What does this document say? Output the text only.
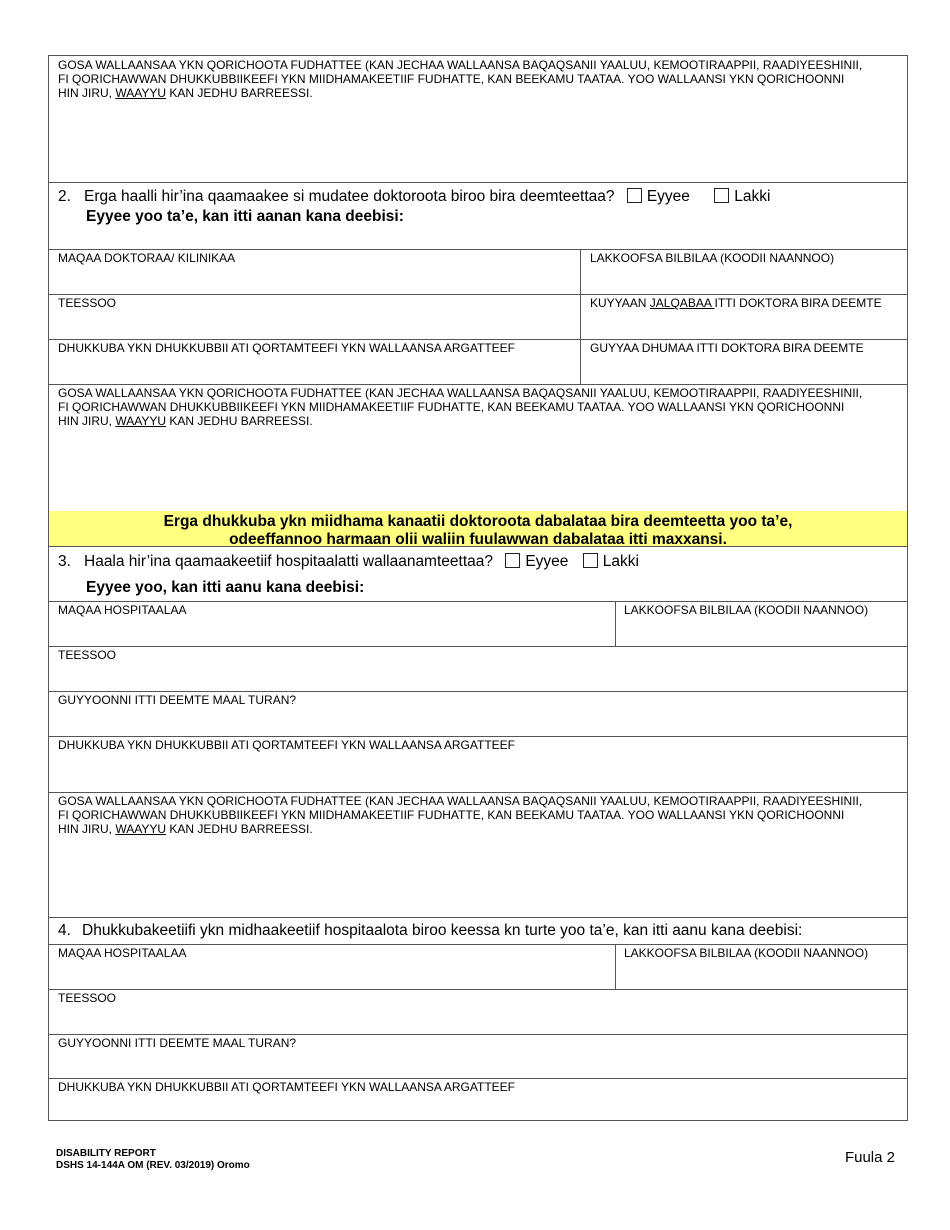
GOSA WALLAANSAA YKN QORICHOOTA FUDHATTEE (KAN JECHAA WALLAANSA BAQAQSANII YAALUU, KEMOOTIRAAPPII, RAADIYEESHINII,
FI QORICHAWWAN DHUKKUBBIIKEEFI YKN MIIDHAMAKEETIIF FUDHATTE, KAN BEEKAMU TAATAA. YOO WALLAANSI YKN QORICHOONNI
HIN JIRU, WAAYYU KAN JEDHU BARREESSI.
2. Erga haalli hir’ina qaamaakee si mudatee doktoroota biroo bira deemteettaa? Eyyee	Lakki
Eyyee yoo ta’e, kan itti aanan kana deebisi:
MAQAA DOKTORAA/ KILINIKAA	LAKKOOFSA BILBILAA (KOODII NAANNOO)
TEESSOO	KUYYAAN JALQABAA ITTI DOKTORA BIRA DEEMTE
DHUKKUBA YKN DHUKKUBBII ATI QORTAMTEEFI YKN WALLAANSA ARGATTEEF	GUYYAA DHUMAA ITTI DOKTORA BIRA DEEMTE
GOSA WALLAANSAA YKN QORICHOOTA FUDHATTEE (KAN JECHAA WALLAANSA BAQAQSANII YAALUU, KEMOOTIRAAPPII, RAADIYEESHINII,
FI QORICHAWWAN DHUKKUBBIIKEEFI YKN MIIDHAMAKEETIIF FUDHATTE, KAN BEEKAMU TAATAA. YOO WALLAANSI YKN QORICHOONNI
HIN JIRU, WAAYYU KAN JEDHU BARREESSI.
Erga dhukkuba ykn miidhama kanaatii doktoroota dabalataa bira deemteetta yoo ta’e,
odeeffannoo harmaan olii waliin fuulawwan dabalataa itti maxxansi.
3. Haala hir’ina qaamaakeetiif hospitaalatti wallaanamteettaa? Eyyee Lakki
Eyyee yoo, kan itti aanu kana deebisi:
MAQAA HOSPITAALAA	LAKKOOFSA BILBILAA (KOODII NAANNOO)
TEESSOO
GUYYOONNI ITTI DEEMTE MAAL TURAN?
DHUKKUBA YKN DHUKKUBBII ATI QORTAMTEEFI YKN WALLAANSA ARGATTEEF
GOSA WALLAANSAA YKN QORICHOOTA FUDHATTEE (KAN JECHAA WALLAANSA BAQAQSANII YAALUU, KEMOOTIRAAPPII, RAADIYEESHINII,
FI QORICHAWWAN DHUKKUBBIIKEEFI YKN MIIDHAMAKEETIIF FUDHATTE, KAN BEEKAMU TAATAA. YOO WALLAANSI YKN QORICHOONNI
HIN JIRU, WAAYYU KAN JEDHU BARREESSI.
4. Dhukkubakeetiifi ykn midhaakeetiif hospitaalota biroo keessa kn turte yoo ta’e, kan itti aanu kana deebisi:
MAQAA HOSPITAALAA	LAKKOOFSA BILBILAA (KOODII NAANNOO)
TEESSOO
GUYYOONNI ITTI DEEMTE MAAL TURAN?
DHUKKUBA YKN DHUKKUBBII ATI QORTAMTEEFI YKN WALLAANSA ARGATTEEF
DISABILITY REPORT
DSHS 14-144A OM (REV. 03/2019) Oromo	Fuula 2
